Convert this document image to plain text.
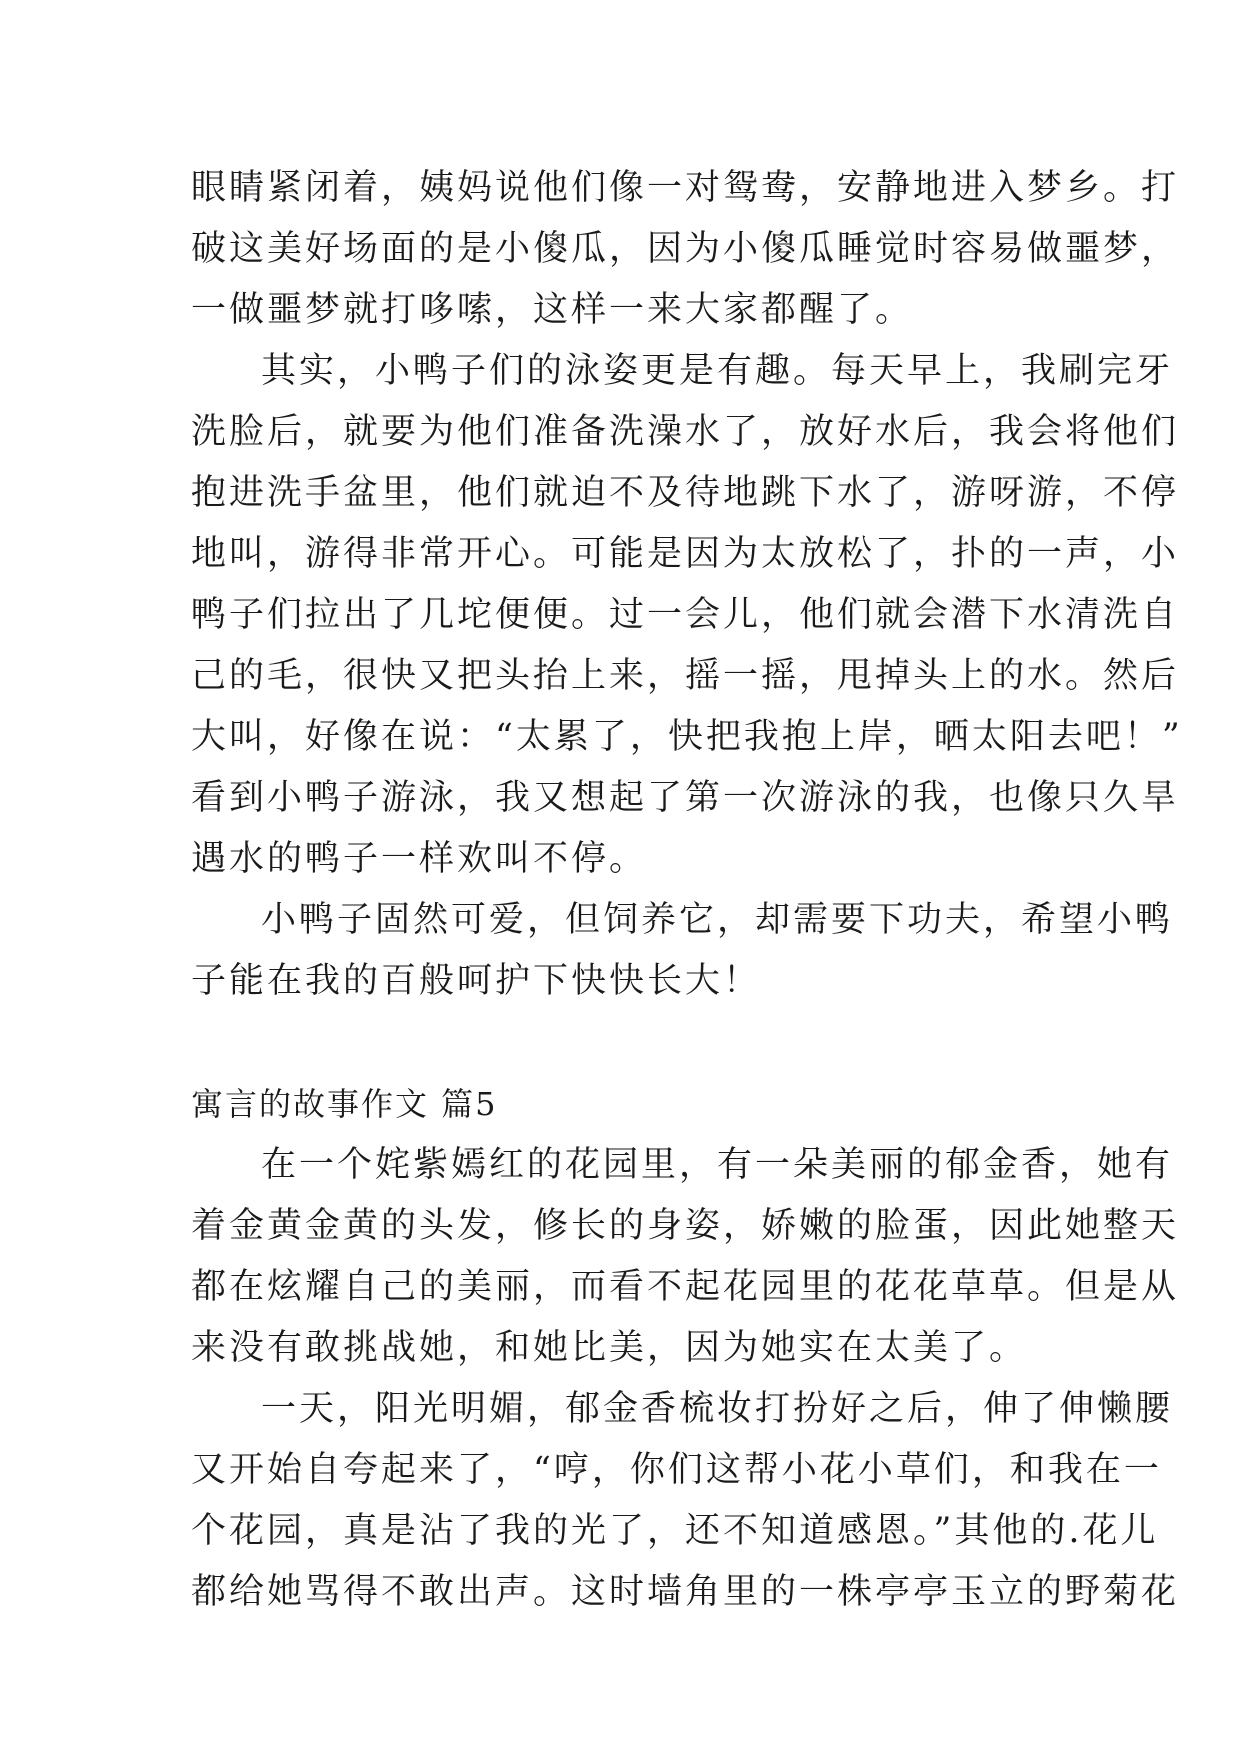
眼睛紧闭着，姨妈说他们像一对鸳鸯，安静地进入梦乡。打
破这美好场面的是小傻瓜，因为小傻瓜睡觉时容易做噩梦，
一做噩梦就打哆嗦，这样一来大家都醒了。
其实，小鸭子们的泳姿更是有趣。每天早上，我刷完牙
洗脸后，就要为他们准备洗澡水了，放好水后，我会将他们
抱进洗手盆里，他们就迫不及待地跳下水了，游呀游，不停
地叫，游得非常开心。可能是因为太放松了，扑的一声，小
鸭子们拉出了几坨便便。过一会儿，他们就会潜下水清洗自
己的毛，很快又把头抬上来，摇一摇，甩掉头上的水。然后
大叫，好像在说：“太累了，快把我抱上岸，晒太阳去吧！”
看到小鸭子游泳，我又想起了第一次游泳的我，也像只久旱
遇水的鸭子一样欢叫不停。
小鸭子固然可爱，但饲养它，却需要下功夫，希望小鸭
子能在我的百般呵护下快快长大！
寓言的故事作文 篇5
在一个姹紫嫣红的花园里，有一朵美丽的郁金香，她有
着金黄金黄的头发，修长的身姿，娇嫩的脸蛋，因此她整天
都在炫耀自己的美丽，而看不起花园里的花花草草。但是从
来没有敢挑战她，和她比美，因为她实在太美了。
一天，阳光明媚，郁金香梳妆打扮好之后，伸了伸懒腰
又开始自夸起来了，“哼，你们这帮小花小草们，和我在一
个花园，真是沾了我的光了，还不知道感恩。”其他的.花儿
都给她骂得不敢出声。这时墙角里的一株亭亭玉立的野菊花
